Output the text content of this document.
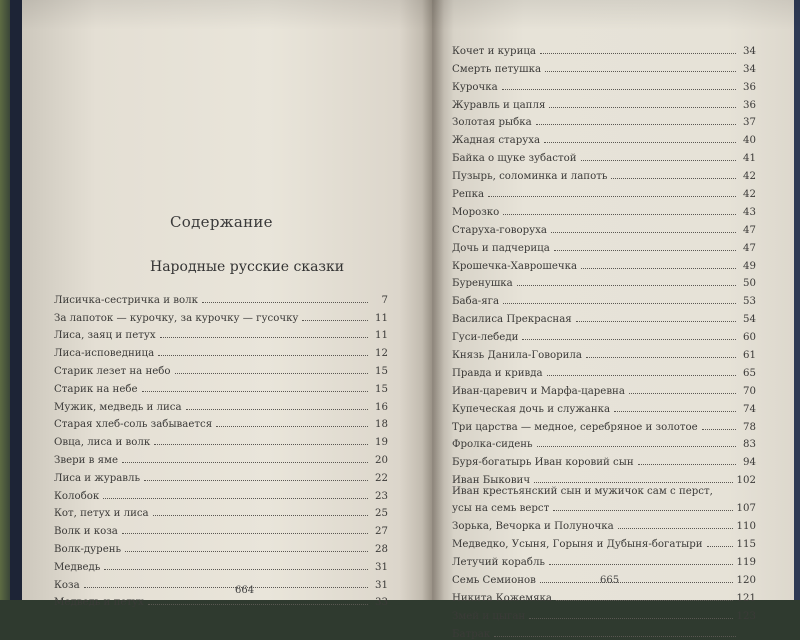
Содержание
Народные русские сказки
Лисичка-сестричка и волк	7
За лапоток — курочку, за курочку — гусочку	11
Лиса, заяц и петух	11
Лиса-исповедница	12
Старик лезет на небо	15
Старик на небе	15
Мужик, медведь и лиса	16
Старая хлеб-соль забывается	18
Овца, лиса и волк	19
Звери в яме	20
Лиса и журавль	22
Колобок	23
Кот, петух и лиса	25
Волк и коза	27
Волк-дурень	28
Медведь	31
Коза	31
Медведь и петух	33
Кочет и курица	34
Смерть петушка	34
Курочка	36
Журавль и цапля	36
Золотая рыбка	37
Жадная старуха	40
Байка о щуке зубастой	41
Пузырь, соломинка и лапоть	42
Репка	42
Морозко	43
Старуха-говоруха	47
Дочь и падчерица	47
Крошечка-Хаврошечка	49
Буренушка	50
Баба-яга	53
Василиса Прекрасная	54
Гуси-лебеди	60
Князь Данила-Говорила	61
Правда и кривда	65
Иван-царевич и Марфа-царевна	70
Купеческая дочь и служанка	74
Три царства — медное, серебряное и золотое	78
Фролка-сидень	83
Буря-богатырь Иван коровий сын	94
Иван Быкович	102
Иван крестьянский сын и мужичок сам с перст,
усы на семь верст	107
Зорька, Вечорка и Полуночка	110
Медведко, Усыня, Горыня и Дубыня-богатыри	115
Летучий корабль	119
Семь Семионов	120
Никита Кожемяка	121
Змей и цыган	123
Батрак
664
665
